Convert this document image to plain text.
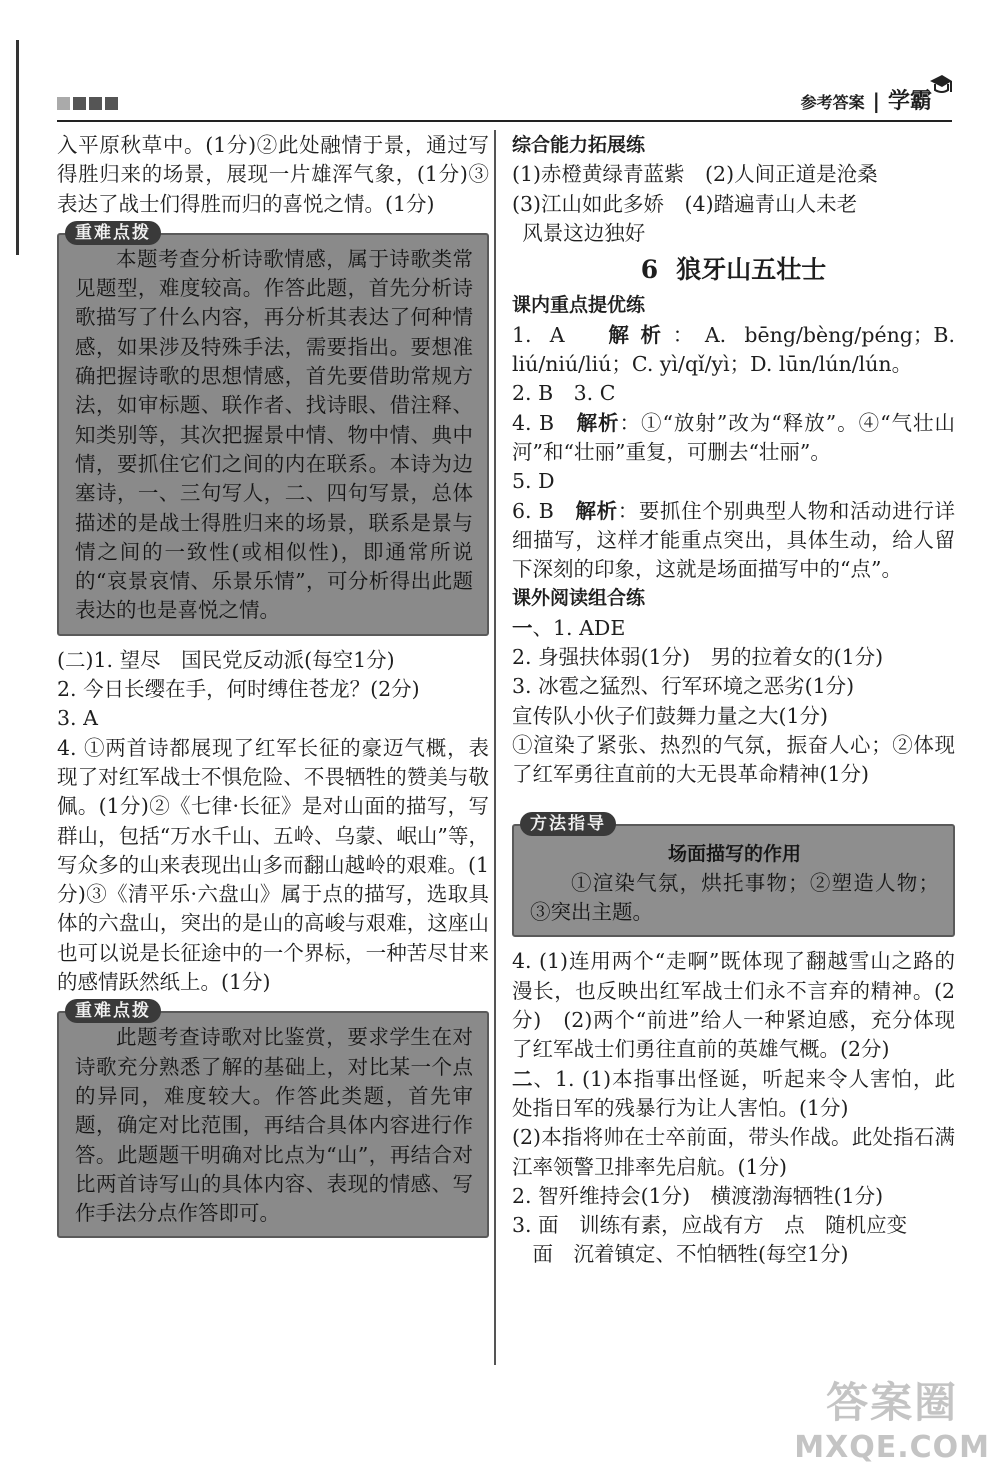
参考答案 | 学霸

入平原秋草中。(1分)②此处融情于景，通过写得胜归来的场景，展现一片雄浑气象，(1分)③表达了战士们得胜而归的喜悦之情。(1分)

重难点拨

本题考查分析诗歌情感，属于诗歌类常见题型，难度较高。作答此题，首先分析诗歌描写了什么内容，再分析其表达了何种情感，如果涉及特殊手法，需要指出。要想准确把握诗歌的思想情感，首先要借助常规方法，如审标题、联作者、找诗眼、借注释、知类别等，其次把握景中情、物中情、典中情，要抓住它们之间的内在联系。本诗为边塞诗，一、三句写人，二、四句写景，总体描述的是战士得胜归来的场景，联系是景与情之间的一致性(或相似性)，即通常所说的“哀景哀情、乐景乐情”，可分析得出此题表达的也是喜悦之情。

(二)1. 望尽　国民党反动派(每空1分)

2. 今日长缨在手，何时缚住苍龙？(2分)

3. A

4. ①两首诗都展现了红军长征的豪迈气概，表现了对红军战士不惧危险、不畏牺牲的赞美与敬佩。(1分)②《七律·长征》是对山面的描写，写群山，包括“万水千山、五岭、乌蒙、岷山”等，写众多的山来表现出山多而翻山越岭的艰难。(1分)③《清平乐·六盘山》属于点的描写，选取具体的六盘山，突出的是山的高峻与艰难，这座山也可以说是长征途中的一个界标，一种苦尽甘来的感情跃然纸上。(1分)

重难点拨

此题考查诗歌对比鉴赏，要求学生在对诗歌充分熟悉了解的基础上，对比某一个点的异同，难度较大。作答此类题，首先审题，确定对比范围，再结合具体内容进行作答。此题题干明确对比点为“山”，再结合对比两首诗写山的具体内容、表现的情感、写作手法分点作答即可。

综合能力拓展练

(1)赤橙黄绿青蓝紫　(2)人间正道是沧桑

(3)江山如此多娇　(4)踏遍青山人未老

风景这边独好

6 狼牙山五壮士

课内重点提优练

1. A　解析：A. bēng/bèng/péng；B. liú/niú/liú；C. yì/qǐ/yì；D. lūn/lún/lún。

2. B　3. C

4. B　解析：①“放射”改为“释放”。④“气壮山河”和“壮丽”重复，可删去“壮丽”。

5. D

6. B　解析：要抓住个别典型人物和活动进行详细描写，这样才能重点突出，具体生动，给人留下深刻的印象，这就是场面描写中的“点”。

课外阅读组合练

一、1. ADE

2. 身强扶体弱(1分)　男的拉着女的(1分)

3. 冰雹之猛烈、行军环境之恶劣(1分)

宣传队小伙子们鼓舞力量之大(1分)

①渲染了紧张、热烈的气氛，振奋人心；②体现了红军勇往直前的大无畏革命精神(1分)

方法指导

场面描写的作用

①渲染气氛，烘托事物；②塑造人物；③突出主题。

4. (1)连用两个“走啊”既体现了翻越雪山之路的漫长，也反映出红军战士们永不言弃的精神。(2分)　(2)两个“前进”给人一种紧迫感，充分体现了红军战士们勇往直前的英雄气概。(2分)

二、1. (1)本指事出怪诞，听起来令人害怕，此处指日军的残暴行为让人害怕。(1分)

(2)本指将帅在士卒前面，带头作战。此处指石满江率领警卫排率先启航。(1分)

2. 智歼维持会(1分)　横渡渤海牺牲(1分)

3. 面　训练有素，应战有方　点　随机应变

面　沉着镇定、不怕牺牲(每空1分)

答案圈
MXQE.COM
